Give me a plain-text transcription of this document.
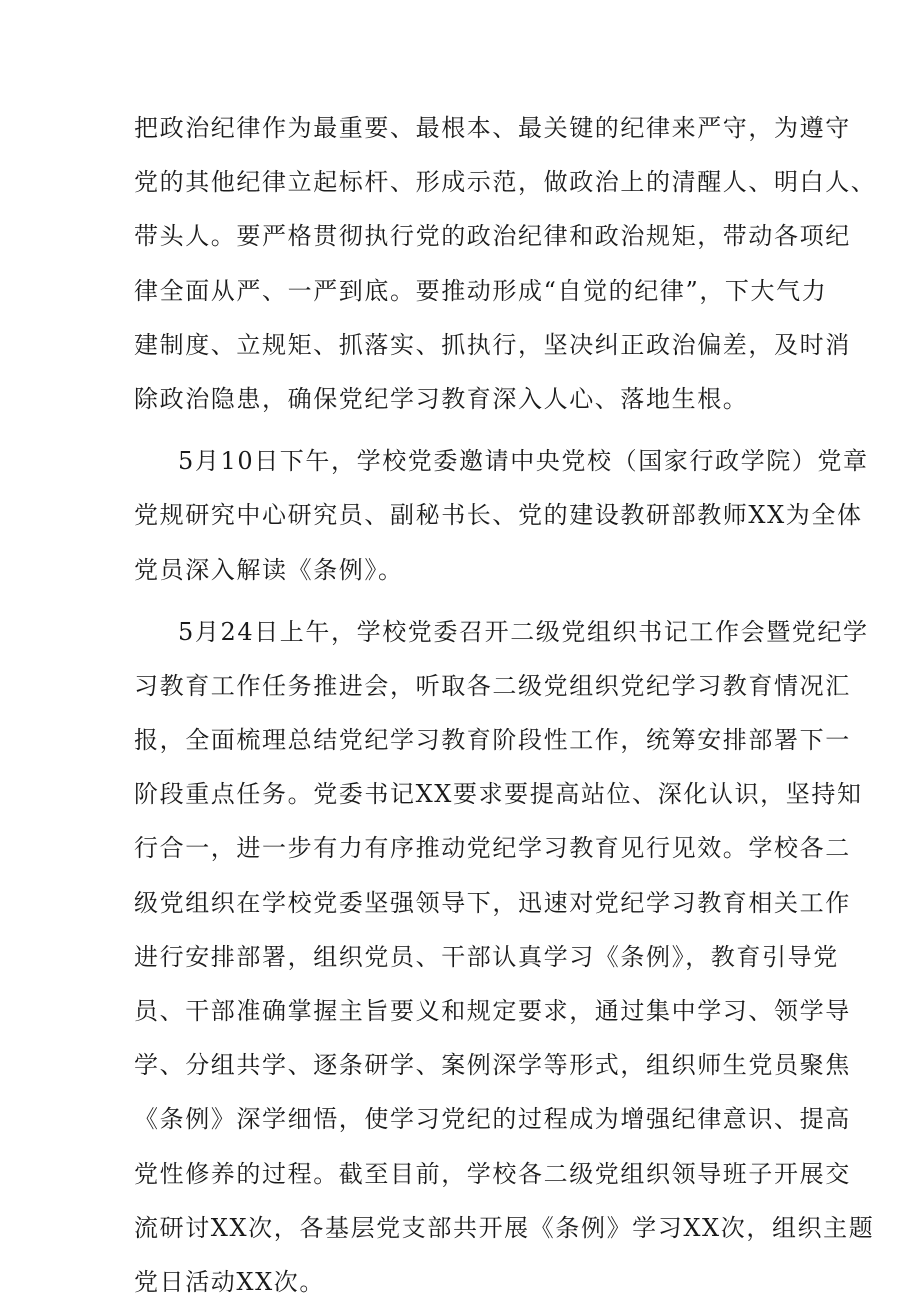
把政治纪律作为最重要、最根本、最关键的纪律来严守，为遵守
党的其他纪律立起标杆、形成示范，做政治上的清醒人、明白人、
带头人。要严格贯彻执行党的政治纪律和政治规矩，带动各项纪
律全面从严、一严到底。要推动形成“自觉的纪律”，下大气力
建制度、立规矩、抓落实、抓执行，坚决纠正政治偏差，及时消
除政治隐患，确保党纪学习教育深入人心、落地生根。
5月10日下午，学校党委邀请中央党校（国家行政学院）党章
党规研究中心研究员、副秘书长、党的建设教研部教师XX为全体
党员深入解读《条例》。
5月24日上午，学校党委召开二级党组织书记工作会暨党纪学
习教育工作任务推进会，听取各二级党组织党纪学习教育情况汇
报，全面梳理总结党纪学习教育阶段性工作，统筹安排部署下一
阶段重点任务。党委书记XX要求要提高站位、深化认识，坚持知
行合一，进一步有力有序推动党纪学习教育见行见效。学校各二
级党组织在学校党委坚强领导下，迅速对党纪学习教育相关工作
进行安排部署，组织党员、干部认真学习《条例》，教育引导党
员、干部准确掌握主旨要义和规定要求，通过集中学习、领学导
学、分组共学、逐条研学、案例深学等形式，组织师生党员聚焦
《条例》深学细悟，使学习党纪的过程成为增强纪律意识、提高
党性修养的过程。截至目前，学校各二级党组织领导班子开展交
流研讨XX次，各基层党支部共开展《条例》学习XX次，组织主题
党日活动XX次。
